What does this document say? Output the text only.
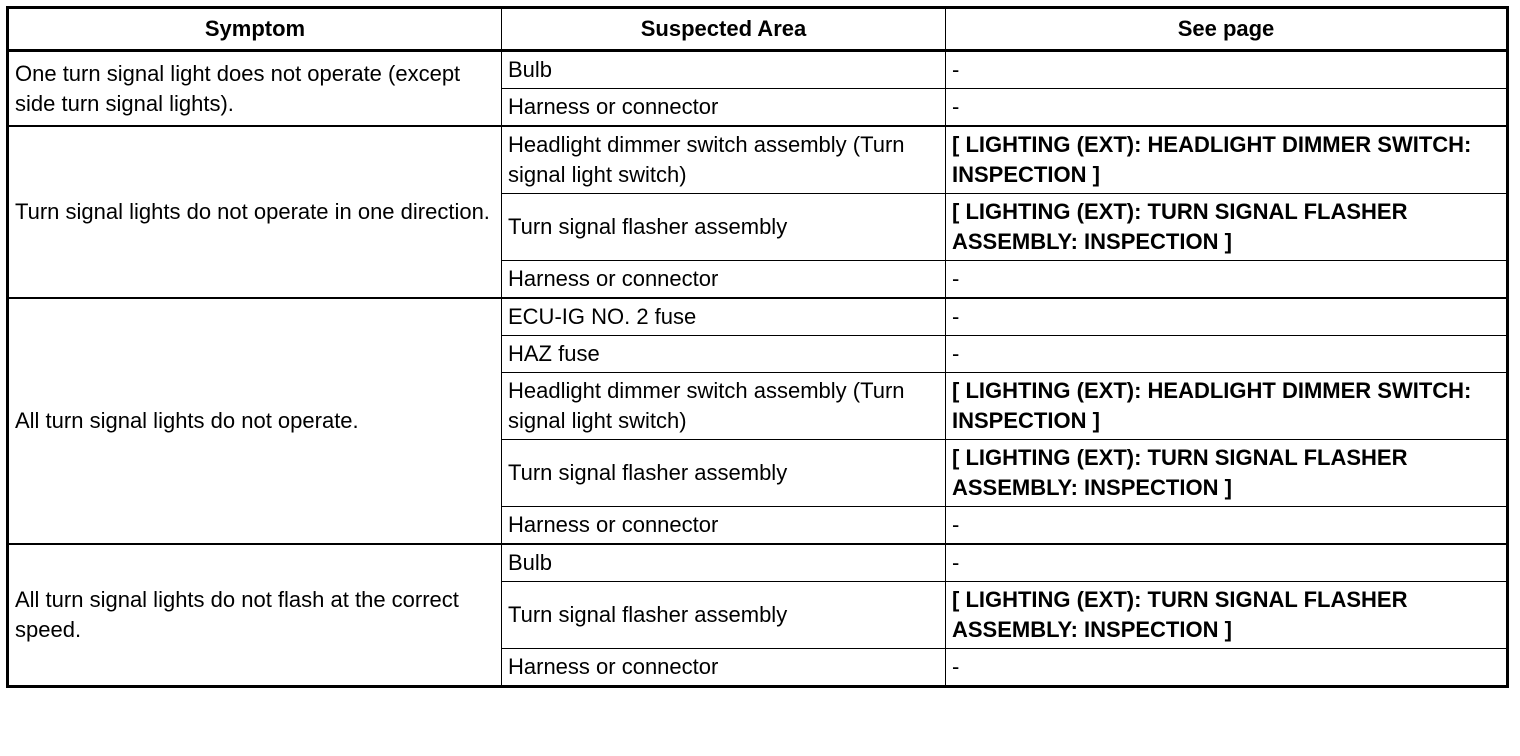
Symptom	Suspected Area	See page
One turn signal light does not operate (except side turn signal lights).	Bulb	-
	Harness or connector	-
Turn signal lights do not operate in one direction.	Headlight dimmer switch assembly (Turn signal light switch)	[ LIGHTING (EXT): HEADLIGHT DIMMER SWITCH: INSPECTION ]
	Turn signal flasher assembly	[ LIGHTING (EXT): TURN SIGNAL FLASHER ASSEMBLY: INSPECTION ]
	Harness or connector	-
All turn signal lights do not operate.	ECU-IG NO. 2 fuse	-
	HAZ fuse	-
	Headlight dimmer switch assembly (Turn signal light switch)	[ LIGHTING (EXT): HEADLIGHT DIMMER SWITCH: INSPECTION ]
	Turn signal flasher assembly	[ LIGHTING (EXT): TURN SIGNAL FLASHER ASSEMBLY: INSPECTION ]
	Harness or connector	-
All turn signal lights do not flash at the correct speed.	Bulb	-
	Turn signal flasher assembly	[ LIGHTING (EXT): TURN SIGNAL FLASHER ASSEMBLY: INSPECTION ]
	Harness or connector	-
